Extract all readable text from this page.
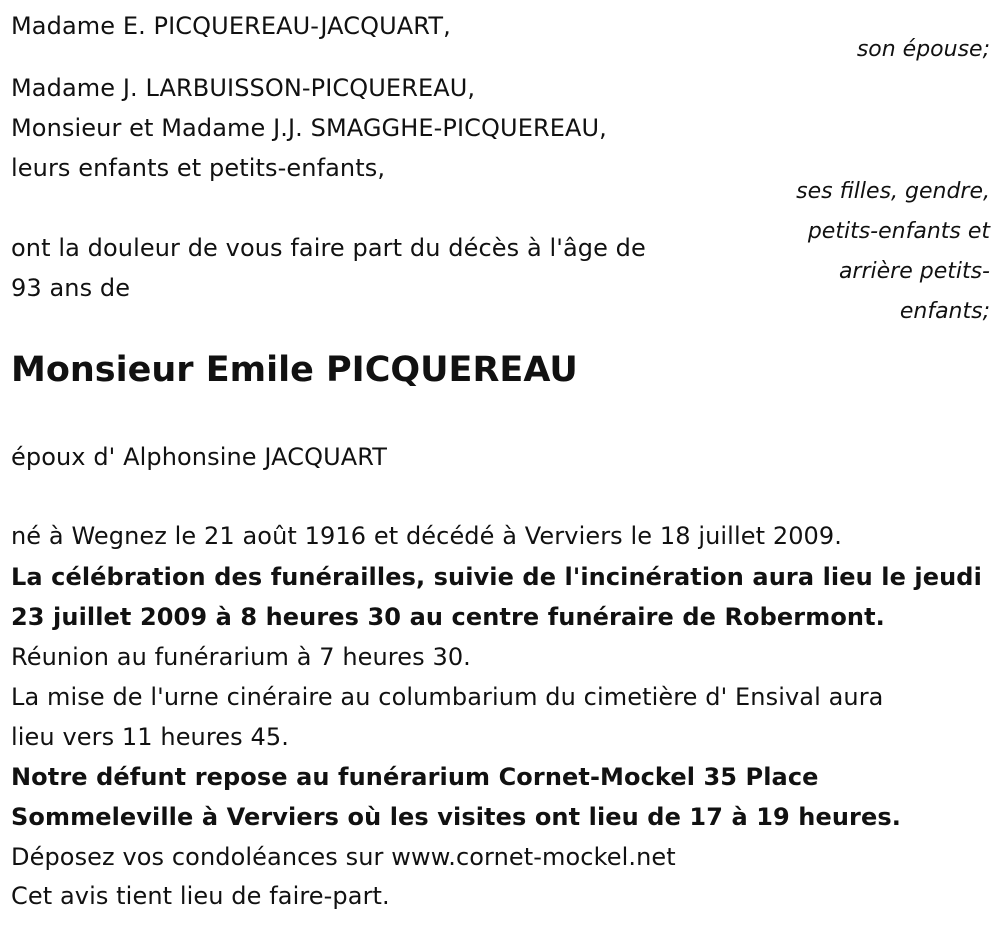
Madame E. PICQUEREAU-JACQUART,
son épouse;
Madame J. LARBUISSON-PICQUEREAU,
Monsieur et Madame J.J. SMAGGHE-PICQUEREAU,
leurs enfants et petits-enfants,
ses filles, gendre,
petits-enfants et
arrière petits-
enfants;
ont la douleur de vous faire part du décès à l'âge de
93 ans de
Monsieur Emile PICQUEREAU
époux d' Alphonsine JACQUART
né à Wegnez le 21 août 1916 et décédé à Verviers le 18 juillet 2009.
La célébration des funérailles, suivie de l'incinération aura lieu le jeudi
23 juillet 2009 à 8 heures 30 au centre funéraire de Robermont.
Réunion au funérarium à 7 heures 30.
La mise de l'urne cinéraire au columbarium du cimetière d' Ensival aura
lieu vers 11 heures 45.
Notre défunt repose au funérarium Cornet-Mockel 35 Place
Sommeleville à Verviers où les visites ont lieu de 17 à 19 heures.
Déposez vos condoléances sur www.cornet-mockel.net
Cet avis tient lieu de faire-part.
